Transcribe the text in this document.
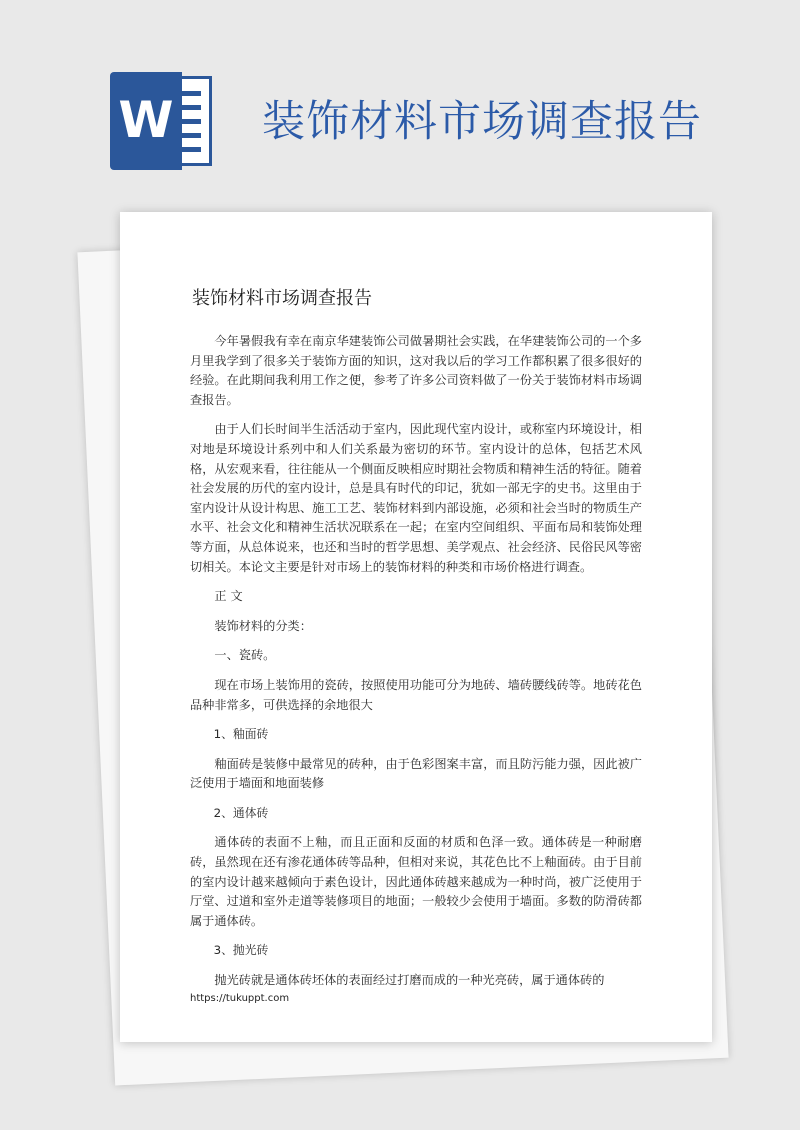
W 装饰材料市场调查报告
装饰材料市场调查报告

今年暑假我有幸在南京华建装饰公司做暑期社会实践，在华建装饰公司的一个多月里我学到了很多关于装饰方面的知识，这对我以后的学习工作都积累了很多很好的经验。在此期间我利用工作之便，参考了许多公司资料做了一份关于装饰材料市场调查报告。

由于人们长时间半生活活动于室内，因此现代室内设计，或称室内环境设计，相对地是环境设计系列中和人们关系最为密切的环节。室内设计的总体，包括艺术风格，从宏观来看，往往能从一个侧面反映相应时期社会物质和精神生活的特征。随着社会发展的历代的室内设计，总是具有时代的印记，犹如一部无字的史书。这里由于室内设计从设计构思、施工工艺、装饰材料到内部设施，必须和社会当时的物质生产水平、社会文化和精神生活状况联系在一起；在室内空间组织、平面布局和装饰处理等方面，从总体说来，也还和当时的哲学思想、美学观点、社会经济、民俗民风等密切相关。本论文主要是针对市场上的装饰材料的种类和市场价格进行调查。

正 文

装饰材料的分类：

一、瓷砖。

现在市场上装饰用的瓷砖，按照使用功能可分为地砖、墙砖腰线砖等。地砖花色品种非常多，可供选择的余地很大

1、釉面砖

釉面砖是装修中最常见的砖种，由于色彩图案丰富，而且防污能力强，因此被广泛使用于墙面和地面装修

2、通体砖

通体砖的表面不上釉，而且正面和反面的材质和色泽一致。通体砖是一种耐磨砖，虽然现在还有渗花通体砖等品种，但相对来说，其花色比不上釉面砖。由于目前的室内设计越来越倾向于素色设计，因此通体砖越来越成为一种时尚，被广泛使用于厅堂、过道和室外走道等装修项目的地面；一般较少会使用于墙面。多数的防滑砖都属于通体砖。

3、抛光砖

抛光砖就是通体砖坯体的表面经过打磨而成的一种光亮砖，属于通体砖的

https://tukuppt.com
